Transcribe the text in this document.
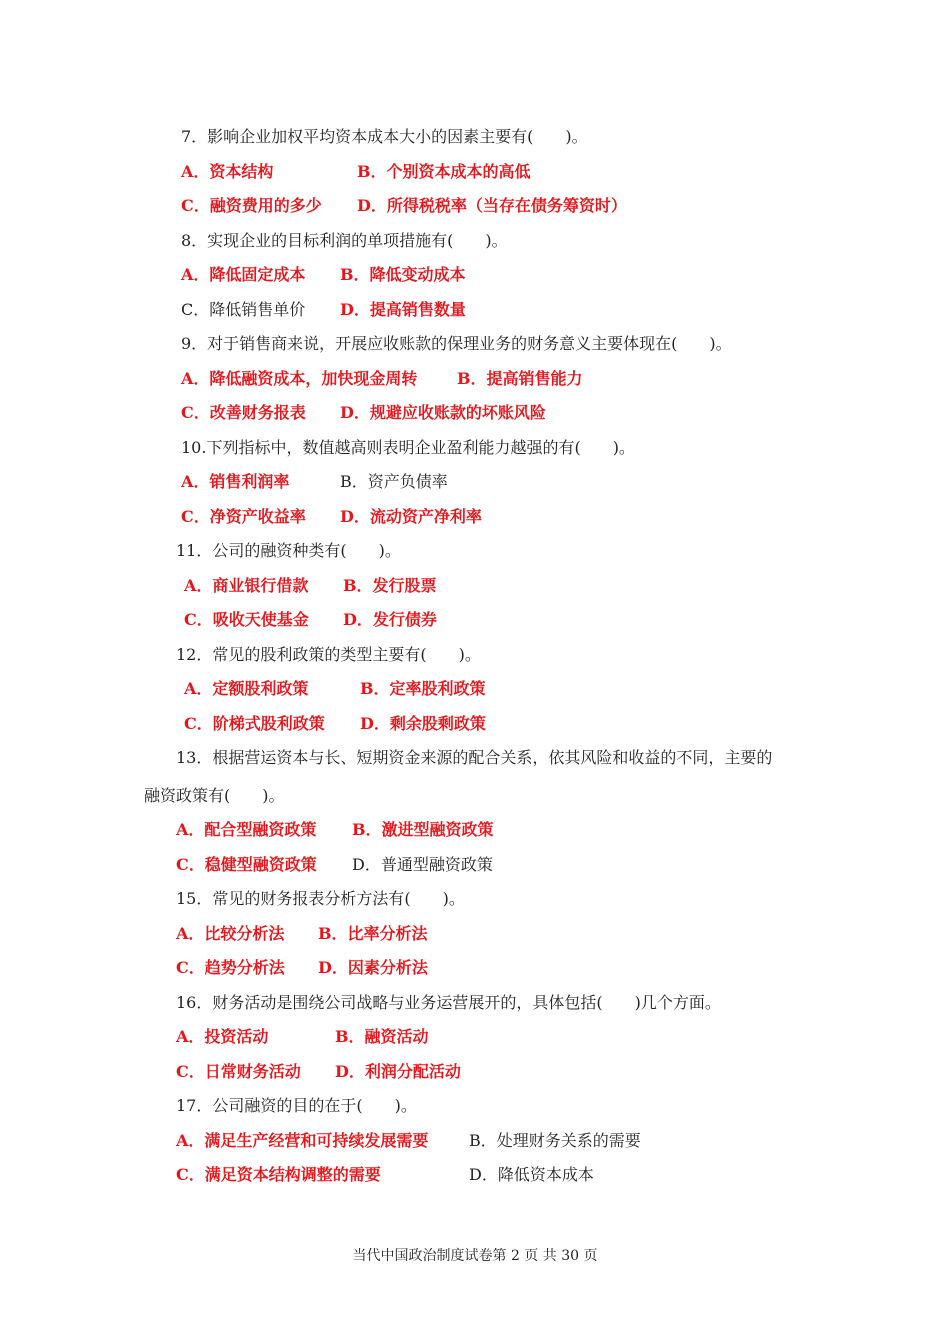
7．影响企业加权平均资本成本大小的因素主要有(　　)。
A．资本结构	B．个别资本成本的高低
C．融资费用的多少 D．所得税税率（当存在债务筹资时）
8．实现企业的目标利润的单项措施有(　　)。
A．降低固定成本 B．降低变动成本
C．降低销售单价 D．提高销售数量
9．对于销售商来说，开展应收账款的保理业务的财务意义主要体现在(　　)。
A．降低融资成本，加快现金周转 B．提高销售能力
C．改善财务报表 D．规避应收账款的坏账风险
10.下列指标中，数值越高则表明企业盈利能力越强的有(　　)。
A．销售利润率	B．资产负债率
C．净资产收益率 D．流动资产净利率
11．公司的融资种类有(　　)。
A．商业银行借款 B．发行股票
C．吸收天使基金 D．发行债券
12．常见的股利政策的类型主要有(　　)。
A．定额股利政策	B．定率股利政策
C．阶梯式股利政策 D．剩余股剩政策
13．根据营运资本与长、短期资金来源的配合关系，依其风险和收益的不同，主要的
融资政策有(　　)。
A．配合型融资政策 B．激进型融资政策
C．稳健型融资政策 D．普通型融资政策
15．常见的财务报表分析方法有(　　)。
A．比较分析法 B．比率分析法
C．趋势分析法 D．因素分析法
16．财务活动是围绕公司战略与业务运营展开的，具体包括(　　)几个方面。
A．投资活动	B．融资活动
C．日常财务活动 D．利润分配活动
17．公司融资的目的在于(　　)。
A．满足生产经营和可持续发展需要	B．处理财务关系的需要
C．满足资本结构调整的需要	D．降低资本成本
当代中国政治制度试卷第 2 页 共 30 页
